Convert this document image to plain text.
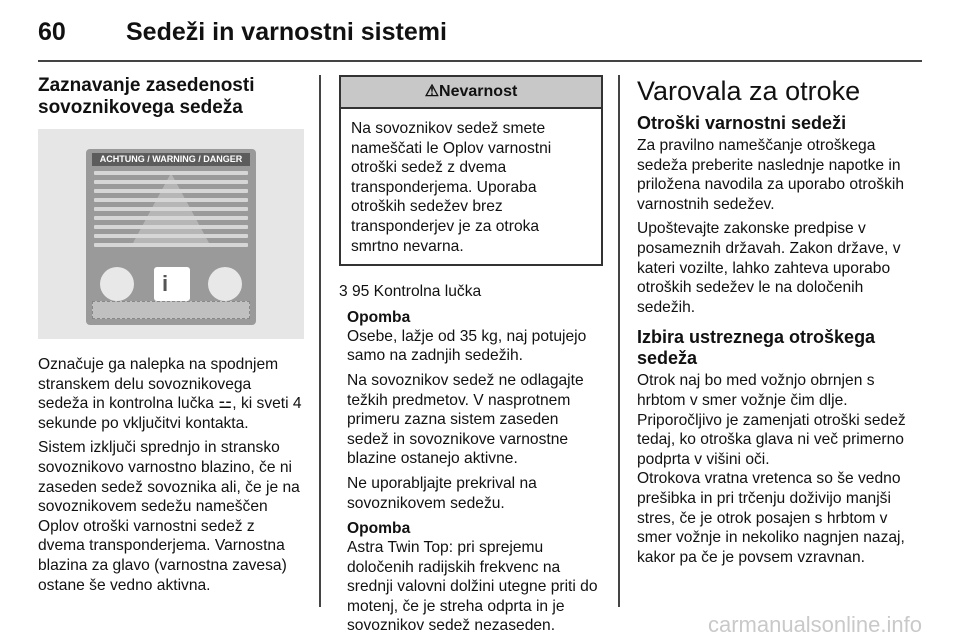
60 Sedeži in varnostni sistemi
Zaznavanje zasedenosti
sovoznikovega sedeža
ACHTUNG / WARNING / DANGER
i

Označuje ga nalepka na spodnjem stranskem delu sovoznikovega sedeža in kontrolna lučka ⚍, ki sveti 4 sekunde po vključitvi kontakta.

Sistem izključi sprednjo in stransko sovoznikovo varnostno blazino, če ni zaseden sedež sovoznika ali, če je na sovoznikovem sedežu nameščen Oplov otroški varnostni sedež z dvema transponderjema. Varnostna blazina za glavo (varnostna zavesa) ostane še vedno aktivna.

⚠Nevarnost

Na sovoznikov sedež smete nameščati le Oplov varnostni otroški sedež z dvema transponderjema. Uporaba otroških sedežev brez transponderjev je za otroka smrtno nevarna.

3 95 Kontrolna lučka

Opomba

Osebe, lažje od 35 kg, naj potujejo samo na zadnjih sedežih.

Na sovoznikov sedež ne odlagajte težkih predmetov. V nasprotnem primeru zazna sistem zaseden sedež in sovoznikove varnostne blazine ostanejo aktivne.

Ne uporabljajte prekrival na sovoznikovem sedežu.

Opomba

Astra Twin Top: pri sprejemu določenih radijskih frekvenc na srednji valovni dolžini utegne priti do motenj, če je streha odprta in je sovoznikov sedež nezaseden.

Varovala za otroke
Otroški varnostni sedeži

Za pravilno nameščanje otroškega sedeža preberite naslednje napotke in priložena navodila za uporabo otroških varnostnih sedežev.

Upoštevajte zakonske predpise v posameznih državah. Zakon države, v kateri vozilte, lahko zahteva uporabo otroških sedežev le na določenih sedežih.

Izbira ustreznega otroškega sedeža

Otrok naj bo med vožnjo obrnjen s hrbtom v smer vožnje čim dlje. Priporočljivo je zamenjati otroški sedež tedaj, ko otroška glava ni več primerno podprta v višini oči.

Otrokova vratna vretenca so še vedno prešibka in pri trčenju doživijo manjši stres, če je otrok posajen s hrbtom v smer vožnje in nekoliko nagnjen nazaj, kakor pa če je povsem vzravnan.

carmanualsonline.info
